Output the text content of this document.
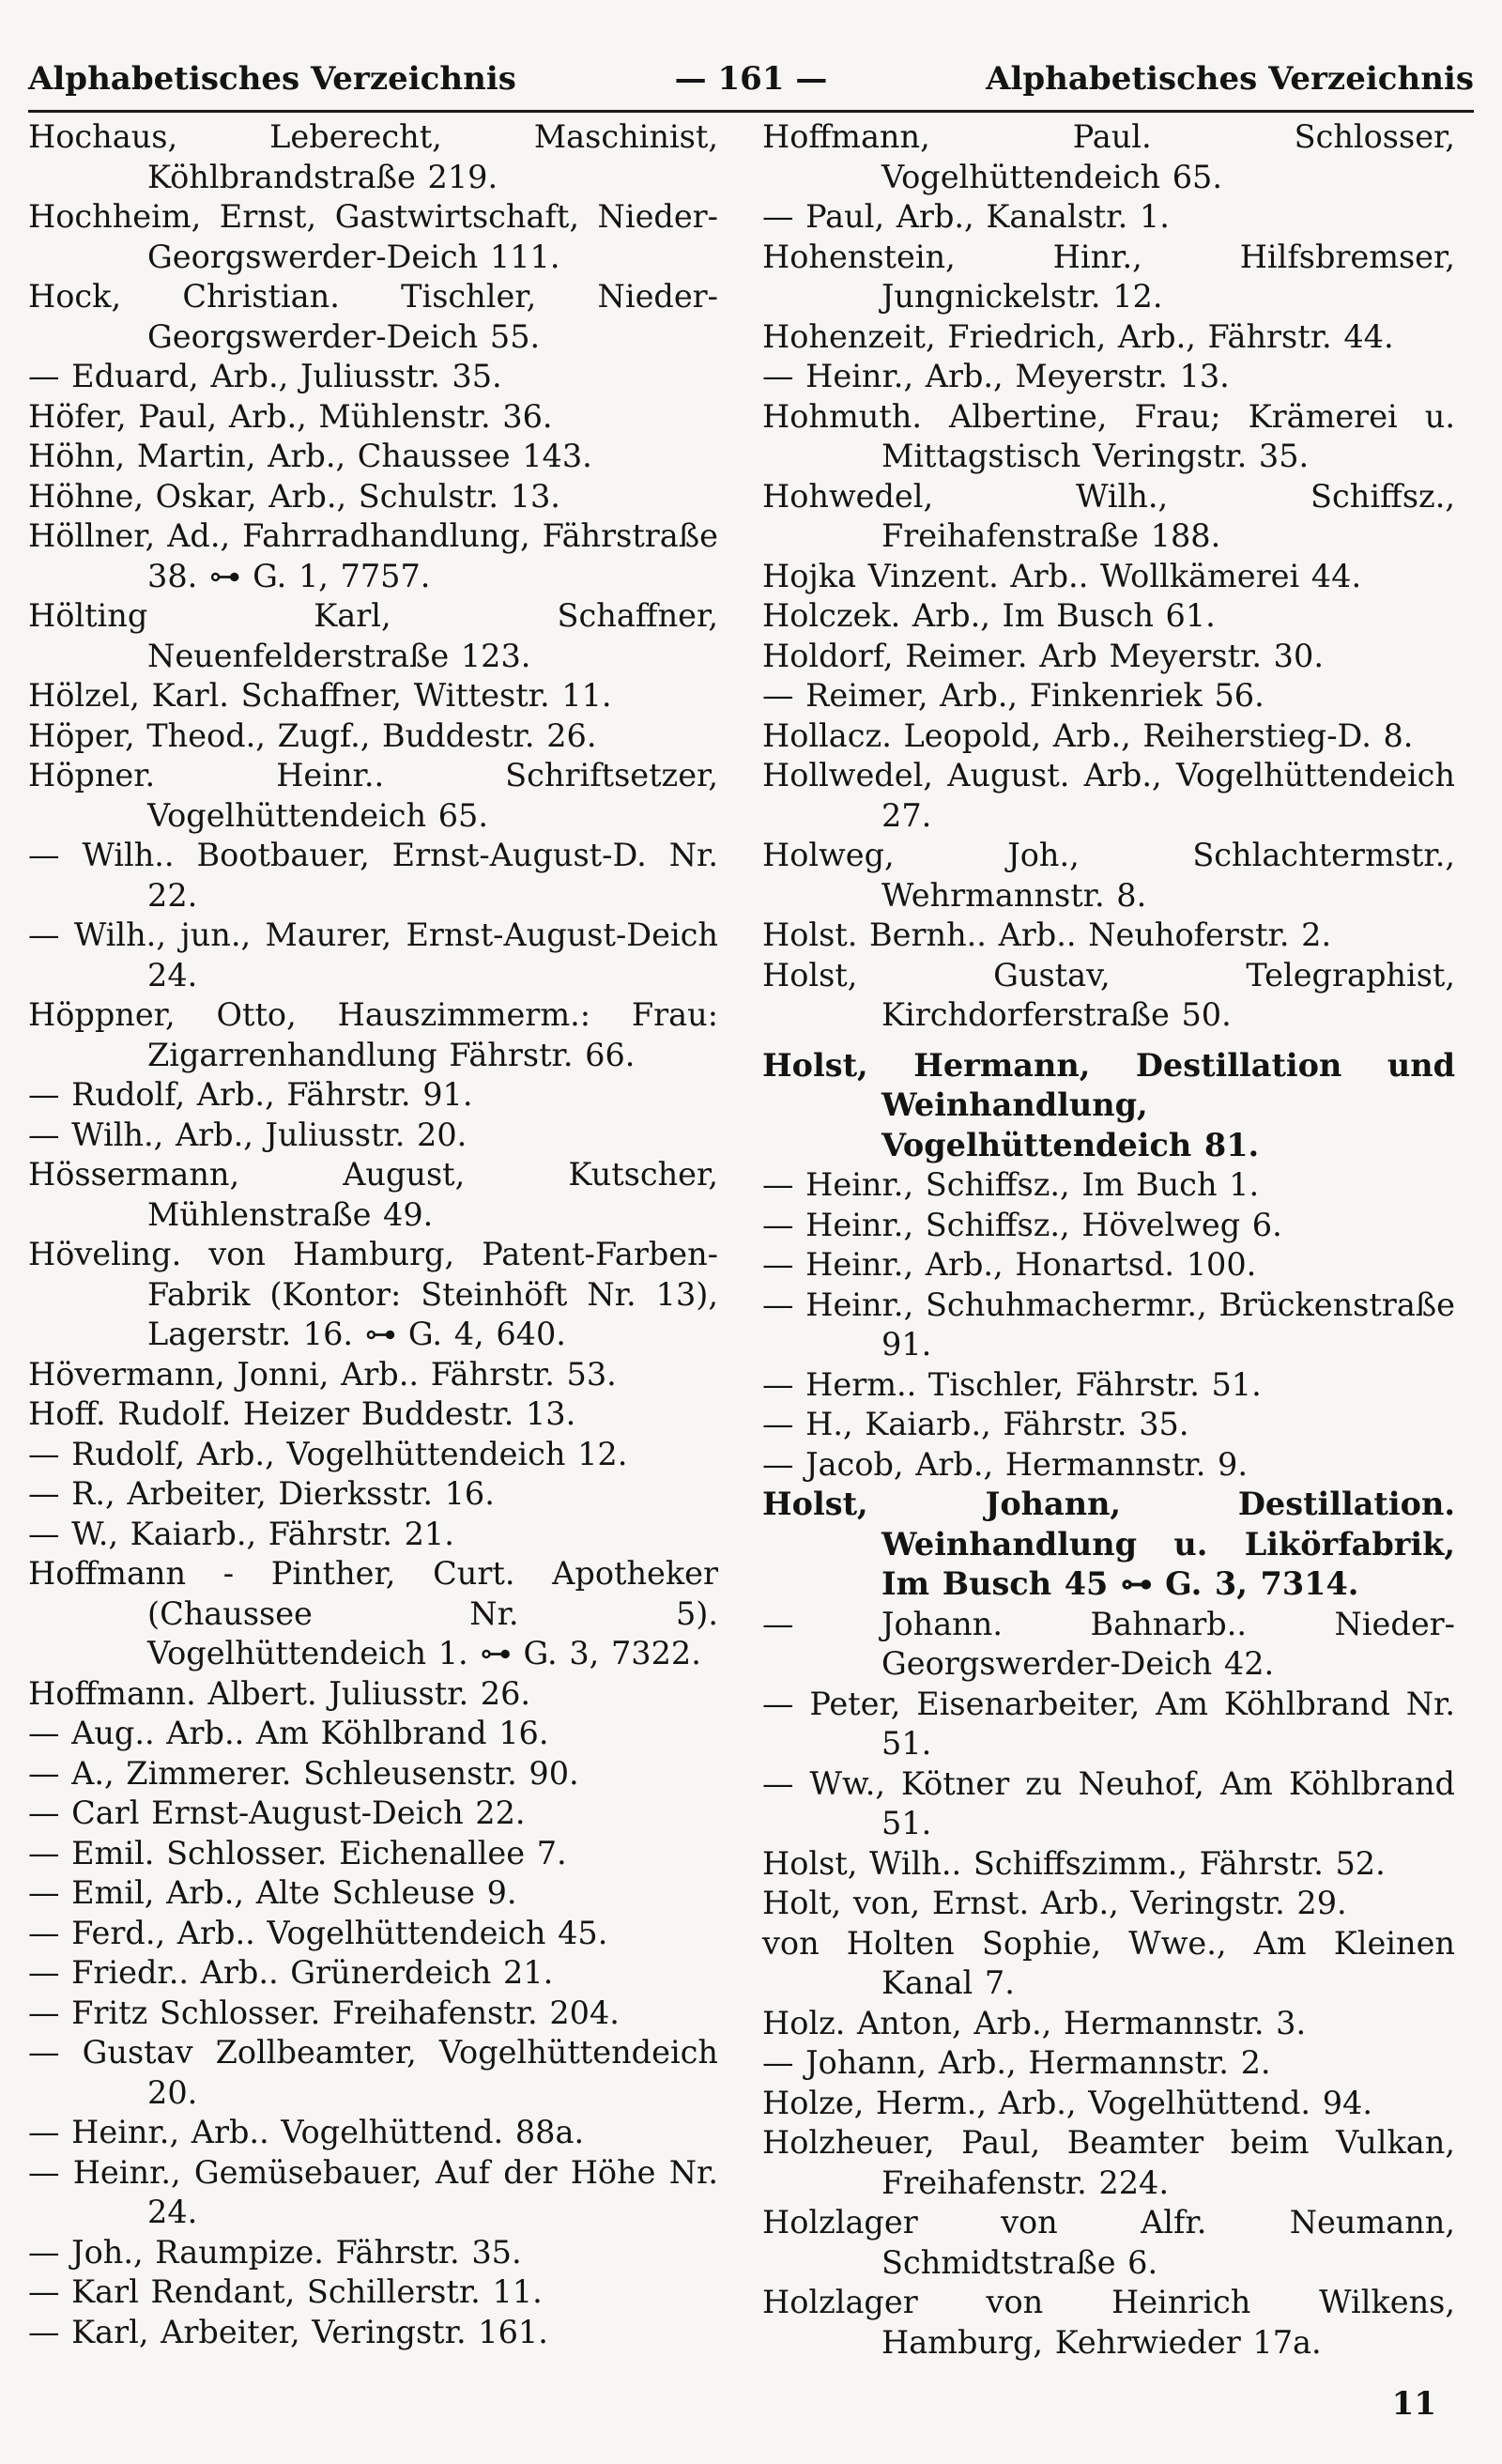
Alphabetisches Verzeichnis	— 161 —	Alphabetisches Verzeichnis

Hochaus, Leberecht, Maschinist, Köhlbrandstraße 219.

Hochheim, Ernst, Gastwirtschaft, Nieder-Georgswerder-Deich 111.

Hock, Christian. Tischler, Nieder-Georgswerder-Deich 55.

— Eduard, Arb., Juliusstr. 35.

Höfer, Paul, Arb., Mühlenstr. 36.

Höhn, Martin, Arb., Chaussee 143.

Höhne, Oskar, Arb., Schulstr. 13.

Höllner, Ad., Fahrradhandlung, Fährstraße 38. ⊶ G. 1, 7757.

Hölting Karl, Schaffner, Neuenfelderstraße 123.

Hölzel, Karl. Schaffner, Wittestr. 11.

Höper, Theod., Zugf., Buddestr. 26.

Höpner. Heinr.. Schriftsetzer, Vogelhüttendeich 65.

— Wilh.. Bootbauer, Ernst-August-D. Nr. 22.

— Wilh., jun., Maurer, Ernst-August-Deich 24.

Höppner, Otto, Hauszimmerm.: Frau: Zigarrenhandlung Fährstr. 66.

— Rudolf, Arb., Fährstr. 91.

— Wilh., Arb., Juliusstr. 20.

Hössermann, August, Kutscher, Mühlenstraße 49.

Höveling. von Hamburg, Patent-Farben-Fabrik (Kontor: Steinhöft Nr. 13), Lagerstr. 16. ⊶ G. 4, 640.

Hövermann, Jonni, Arb.. Fährstr. 53.

Hoff. Rudolf. Heizer Buddestr. 13.

— Rudolf, Arb., Vogelhüttendeich 12.

— R., Arbeiter, Dierksstr. 16.

— W., Kaiarb., Fährstr. 21.

Hoffmann - Pinther, Curt. Apotheker (Chaussee Nr. 5). Vogelhüttendeich 1. ⊶ G. 3, 7322.

Hoffmann. Albert. Juliusstr. 26.

— Aug.. Arb.. Am Köhlbrand 16.

— A., Zimmerer. Schleusenstr. 90.

— Carl Ernst-August-Deich 22.

— Emil. Schlosser. Eichenallee 7.

— Emil, Arb., Alte Schleuse 9.

— Ferd., Arb.. Vogelhüttendeich 45.

— Friedr.. Arb.. Grünerdeich 21.

— Fritz Schlosser. Freihafenstr. 204.

— Gustav Zollbeamter, Vogelhüttendeich 20.

— Heinr., Arb.. Vogelhüttend. 88a.

— Heinr., Gemüsebauer, Auf der Höhe Nr. 24.

— Joh., Raumpize. Fährstr. 35.

— Karl Rendant, Schillerstr. 11.

— Karl, Arbeiter, Veringstr. 161.

Hoffmann, Paul. Schlosser, Vogelhüttendeich 65.

— Paul, Arb., Kanalstr. 1.

Hohenstein, Hinr., Hilfsbremser, Jungnickelstr. 12.

Hohenzeit, Friedrich, Arb., Fährstr. 44.

— Heinr., Arb., Meyerstr. 13.

Hohmuth. Albertine, Frau; Krämerei u. Mittagstisch Veringstr. 35.

Hohwedel, Wilh., Schiffsz., Freihafenstraße 188.

Hojka Vinzent. Arb.. Wollkämerei 44.

Holczek. Arb., Im Busch 61.

Holdorf, Reimer. Arb Meyerstr. 30.

— Reimer, Arb., Finkenriek 56.

Hollacz. Leopold, Arb., Reiherstieg-D. 8.

Hollwedel, August. Arb., Vogelhüttendeich 27.

Holweg, Joh., Schlachtermstr., Wehrmannstr. 8.

Holst. Bernh.. Arb.. Neuhoferstr. 2.

Holst, Gustav, Telegraphist, Kirchdorferstraße 50.

Holst, Hermann, Destillation und Weinhandlung, Vogelhüttendeich 81.

— Heinr., Schiffsz., Im Buch 1.

— Heinr., Schiffsz., Hövelweg 6.

— Heinr., Arb., Honartsd. 100.

— Heinr., Schuhmachermr., Brückenstraße 91.

— Herm.. Tischler, Fährstr. 51.

— H., Kaiarb., Fährstr. 35.

— Jacob, Arb., Hermannstr. 9.

Holst, Johann, Destillation. Weinhandlung u. Likörfabrik, Im Busch 45 ⊶ G. 3, 7314.

— Johann. Bahnarb.. Nieder-Georgswerder-Deich 42.

— Peter, Eisenarbeiter, Am Köhlbrand Nr. 51.

— Ww., Kötner zu Neuhof, Am Köhlbrand 51.

Holst, Wilh.. Schiffszimm., Fährstr. 52.

Holt, von, Ernst. Arb., Veringstr. 29.

von Holten Sophie, Wwe., Am Kleinen Kanal 7.

Holz. Anton, Arb., Hermannstr. 3.

— Johann, Arb., Hermannstr. 2.

Holze, Herm., Arb., Vogelhüttend. 94.

Holzheuer, Paul, Beamter beim Vulkan, Freihafenstr. 224.

Holzlager von Alfr. Neumann, Schmidtstraße 6.

Holzlager von Heinrich Wilkens, Hamburg, Kehrwieder 17a.

11
